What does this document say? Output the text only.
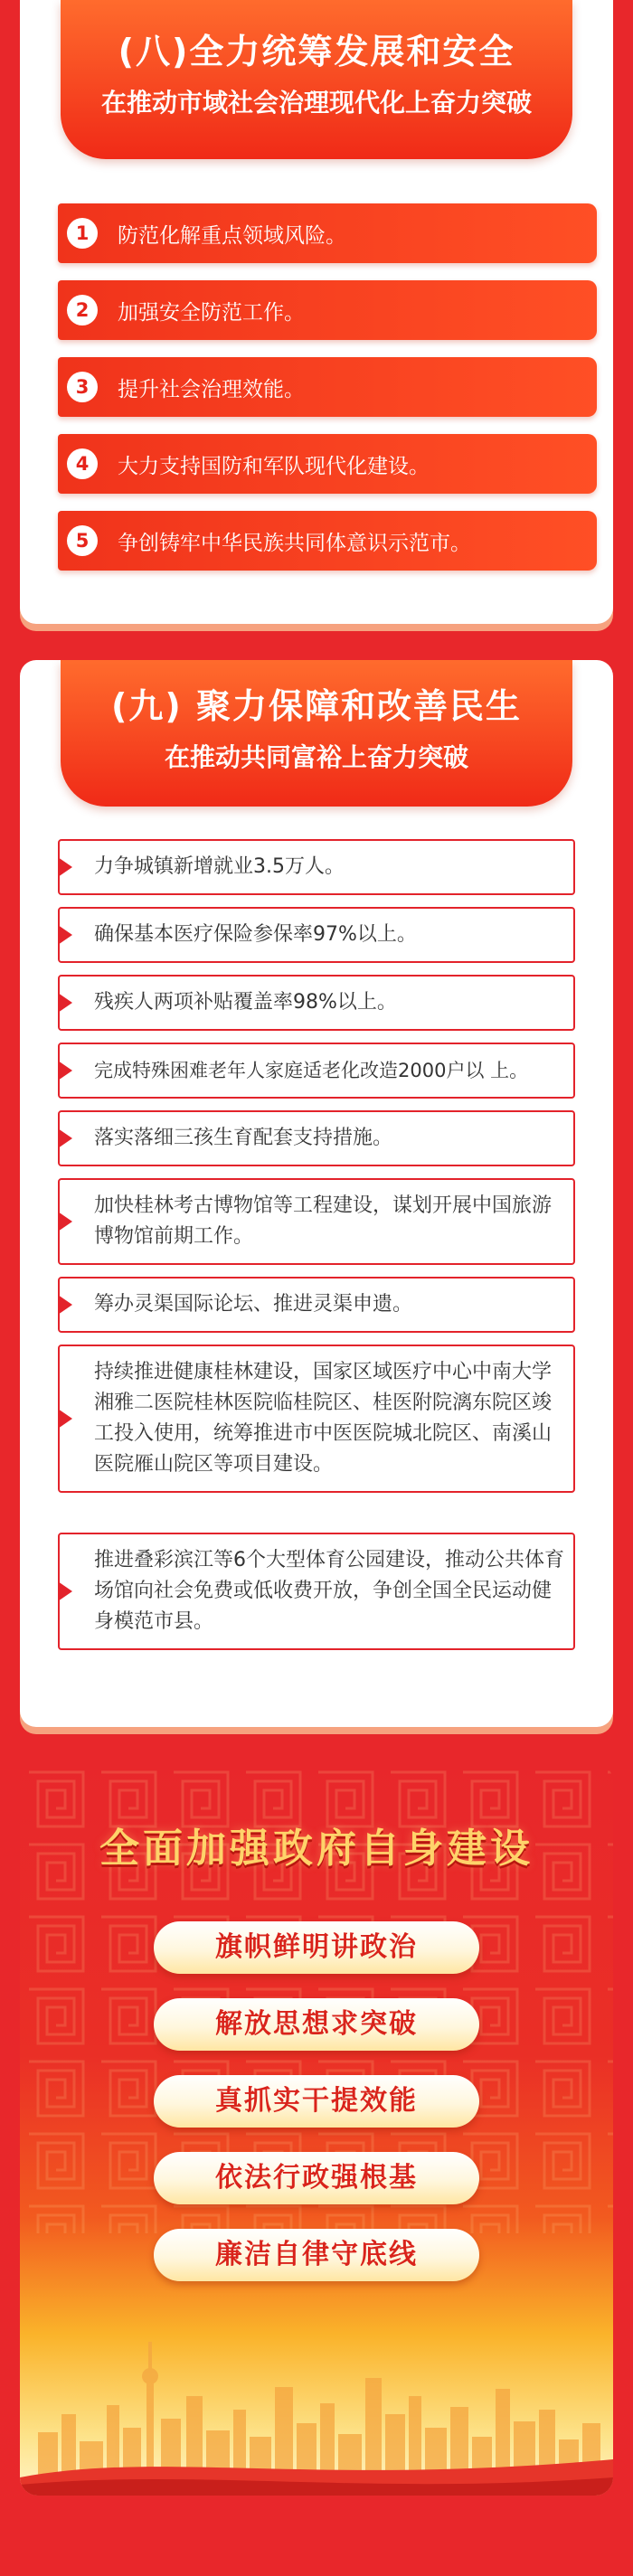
(八)全力统筹发展和安全
在推动市域社会治理现代化上奋力突破
1	防范化解重点领域风险。
2	加强安全防范工作。
3	提升社会治理效能。
4	大力支持国防和军队现代化建设。
5	争创铸牢中华民族共同体意识示范市。
(九) 聚力保障和改善民生
在推动共同富裕上奋力突破
力争城镇新增就业3.5万人。
确保基本医疗保险参保率97%以上。
残疾人两项补贴覆盖率98%以上。
完成特殊困难老年人家庭适老化改造2000户以 上。
落实落细三孩生育配套支持措施。
加快桂林考古博物馆等工程建设，谋划开展中国旅游博物馆前期工作。
筹办灵渠国际论坛、推进灵渠申遗。
持续推进健康桂林建设，国家区域医疗中心中南大学湘雅二医院桂林医院临桂院区、桂医附院漓东院区竣工投入使用，统筹推进市中医医院城北院区、南溪山医院雁山院区等项目建设。
推进叠彩滨江等6个大型体育公园建设，推动公共体育场馆向社会免费或低收费开放，争创全国全民运动健身模范市县。
全面加强政府自身建设
旗帜鲜明讲政治
解放思想求突破
真抓实干提效能
依法行政强根基
廉洁自律守底线
